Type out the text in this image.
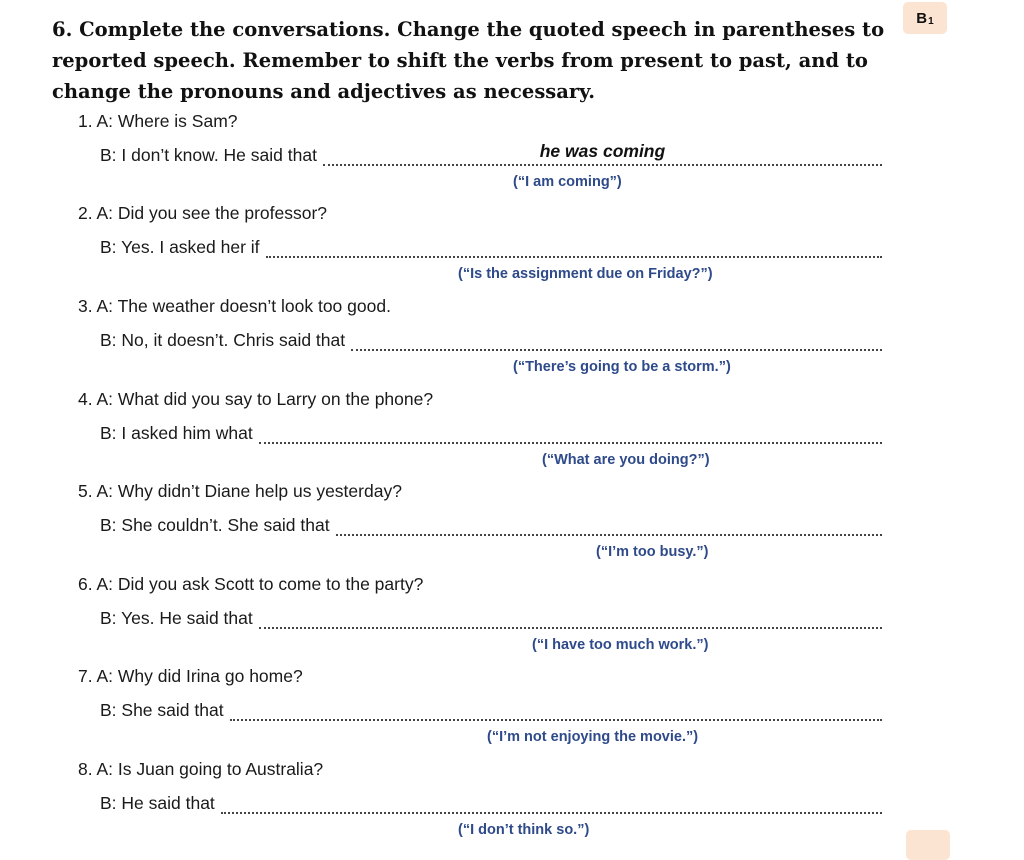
$B_1$
6. Complete the conversations. Change the quoted speech in parentheses to reported speech. Remember to shift the verbs from present to past, and to change the pronouns and adjectives as necessary.
1. A: Where is Sam?
B: I don’t know. He said that	he was coming
(“I am coming”)
2. A: Did you see the professor?
B: Yes. I asked her if
(“Is the assignment due on Friday?”)
3. A: The weather doesn’t look too good.
B: No, it doesn’t. Chris said that
(“There’s going to be a storm.”)
4. A: What did you say to Larry on the phone?
B: I asked him what
(“What are you doing?”)
5. A: Why didn’t Diane help us yesterday?
B: She couldn’t. She said that
(“I’m too busy.”)
6. A: Did you ask Scott to come to the party?
B: Yes. He said that
(“I have too much work.”)
7. A: Why did Irina go home?
B: She said that
(“I’m not enjoying the movie.”)
8. A: Is Juan going to Australia?
B: He said that
(“I don’t think so.”)
